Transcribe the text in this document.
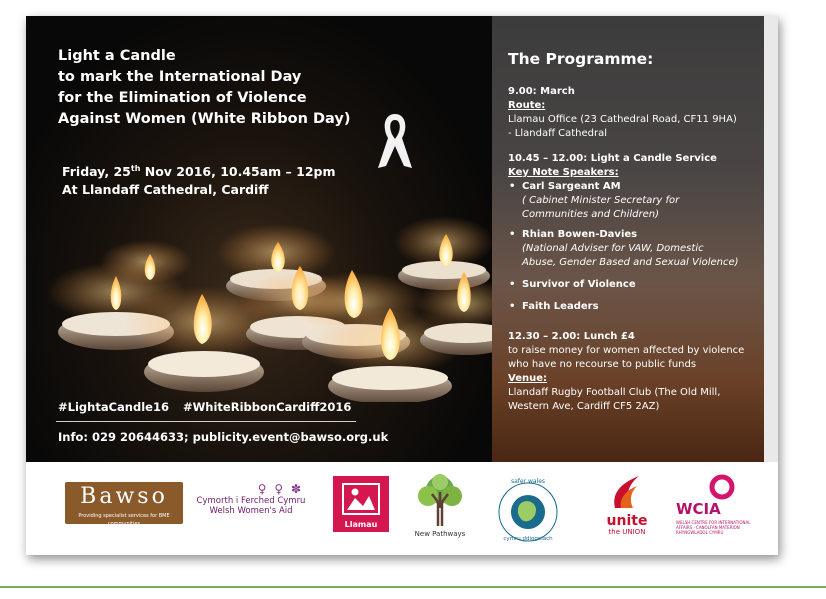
Light a Candle
to mark the International Day
for the Elimination of Violence
Against Women (White Ribbon Day)
Friday, 25th Nov 2016, 10.45am – 12pm
At Llandaff Cathedral, Cardiff
#LightaCandle16 #WhiteRibbonCardiff2016
Info: 029 20644633; publicity.event@bawso.org.uk
The Programme:
9.00: March
Route:
Llamau Office (23 Cathedral Road, CF11 9HA)
- Llandaff Cathedral
10.45 – 12.00: Light a Candle Service
Key Note Speakers:
• Carl Sargeant AM
( Cabinet Minister Secretary for
Communities and Children)
• Rhian Bowen-Davies
(National Adviser for VAW, Domestic
Abuse, Gender Based and Sexual Violence)
• Survivor of Violence
• Faith Leaders
12.30 – 2.00: Lunch £4
to raise money for women affected by violence
who have no recourse to public funds
Venue:
Llandaff Rugby Football Club (The Old Mill,
Western Ave, Cardiff CF5 2AZ)
Bawso
Providing specialist services for BME communities
♀ ♀ ✽
Cymorth i Ferched Cymru
Welsh Women's Aid
Llamau
New Pathways
safer wales
cymru ddiogelach
unite
the UNION
WCIA
WELSH CENTRE FOR INTERNATIONAL AFFAIRS · CANOLFAN MATERION RHYNGWLADOL CYMRU
